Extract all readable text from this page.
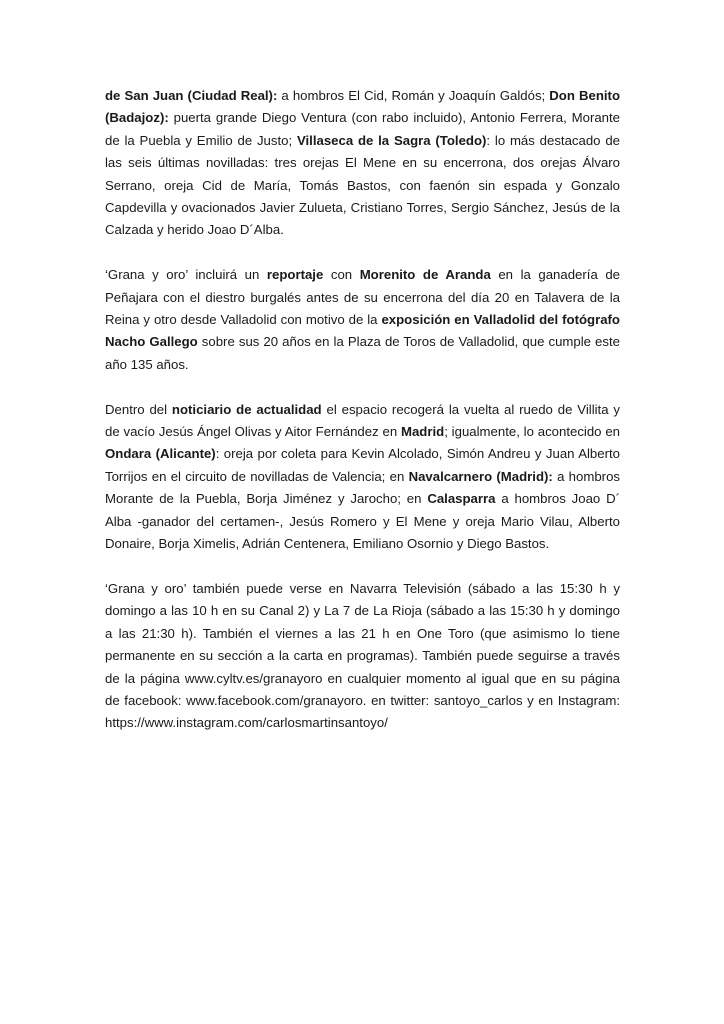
de San Juan (Ciudad Real): a hombros El Cid, Román y Joaquín Galdós; Don Benito (Badajoz): puerta grande Diego Ventura (con rabo incluido), Antonio Ferrera, Morante de la Puebla y Emilio de Justo; Villaseca de la Sagra (Toledo): lo más destacado de las seis últimas novilladas: tres orejas El Mene en su encerrona, dos orejas Álvaro Serrano, oreja Cid de María, Tomás Bastos, con faenón sin espada y Gonzalo Capdevilla y ovacionados Javier Zulueta, Cristiano Torres, Sergio Sánchez, Jesús de la Calzada y herido Joao D´Alba.

‘Grana y oro’ incluirá un reportaje con Morenito de Aranda en la ganadería de Peñajara con el diestro burgalés antes de su encerrona del día 20 en Talavera de la Reina y otro desde Valladolid con motivo de la exposición en Valladolid del fotógrafo Nacho Gallego sobre sus 20 años en la Plaza de Toros de Valladolid, que cumple este año 135 años.

Dentro del noticiario de actualidad el espacio recogerá la vuelta al ruedo de Villita y de vacío Jesús Ángel Olivas y Aitor Fernández en Madrid; igualmente, lo acontecido en Ondara (Alicante): oreja por coleta para Kevin Alcolado, Simón Andreu y Juan Alberto Torrijos en el circuito de novilladas de Valencia; en Navalcarnero (Madrid): a hombros Morante de la Puebla, Borja Jiménez y Jarocho; en Calasparra a hombros Joao D´ Alba -ganador del certamen-, Jesús Romero y El Mene y oreja Mario Vilau, Alberto Donaire, Borja Ximelis, Adrián Centenera, Emiliano Osornio y Diego Bastos.

‘Grana y oro’ también puede verse en Navarra Televisión (sábado a las 15:30 h y domingo a las 10 h en su Canal 2) y La 7 de La Rioja (sábado a las 15:30 h y domingo a las 21:30 h). También el viernes a las 21 h en One Toro (que asimismo lo tiene permanente en su sección a la carta en programas). También puede seguirse a través de la página www.cyltv.es/granayoro en cualquier momento al igual que en su página de facebook: www.facebook.com/granayoro. en twitter: santoyo_carlos y en Instagram: https://www.instagram.com/carlosmartinsantoyo/
